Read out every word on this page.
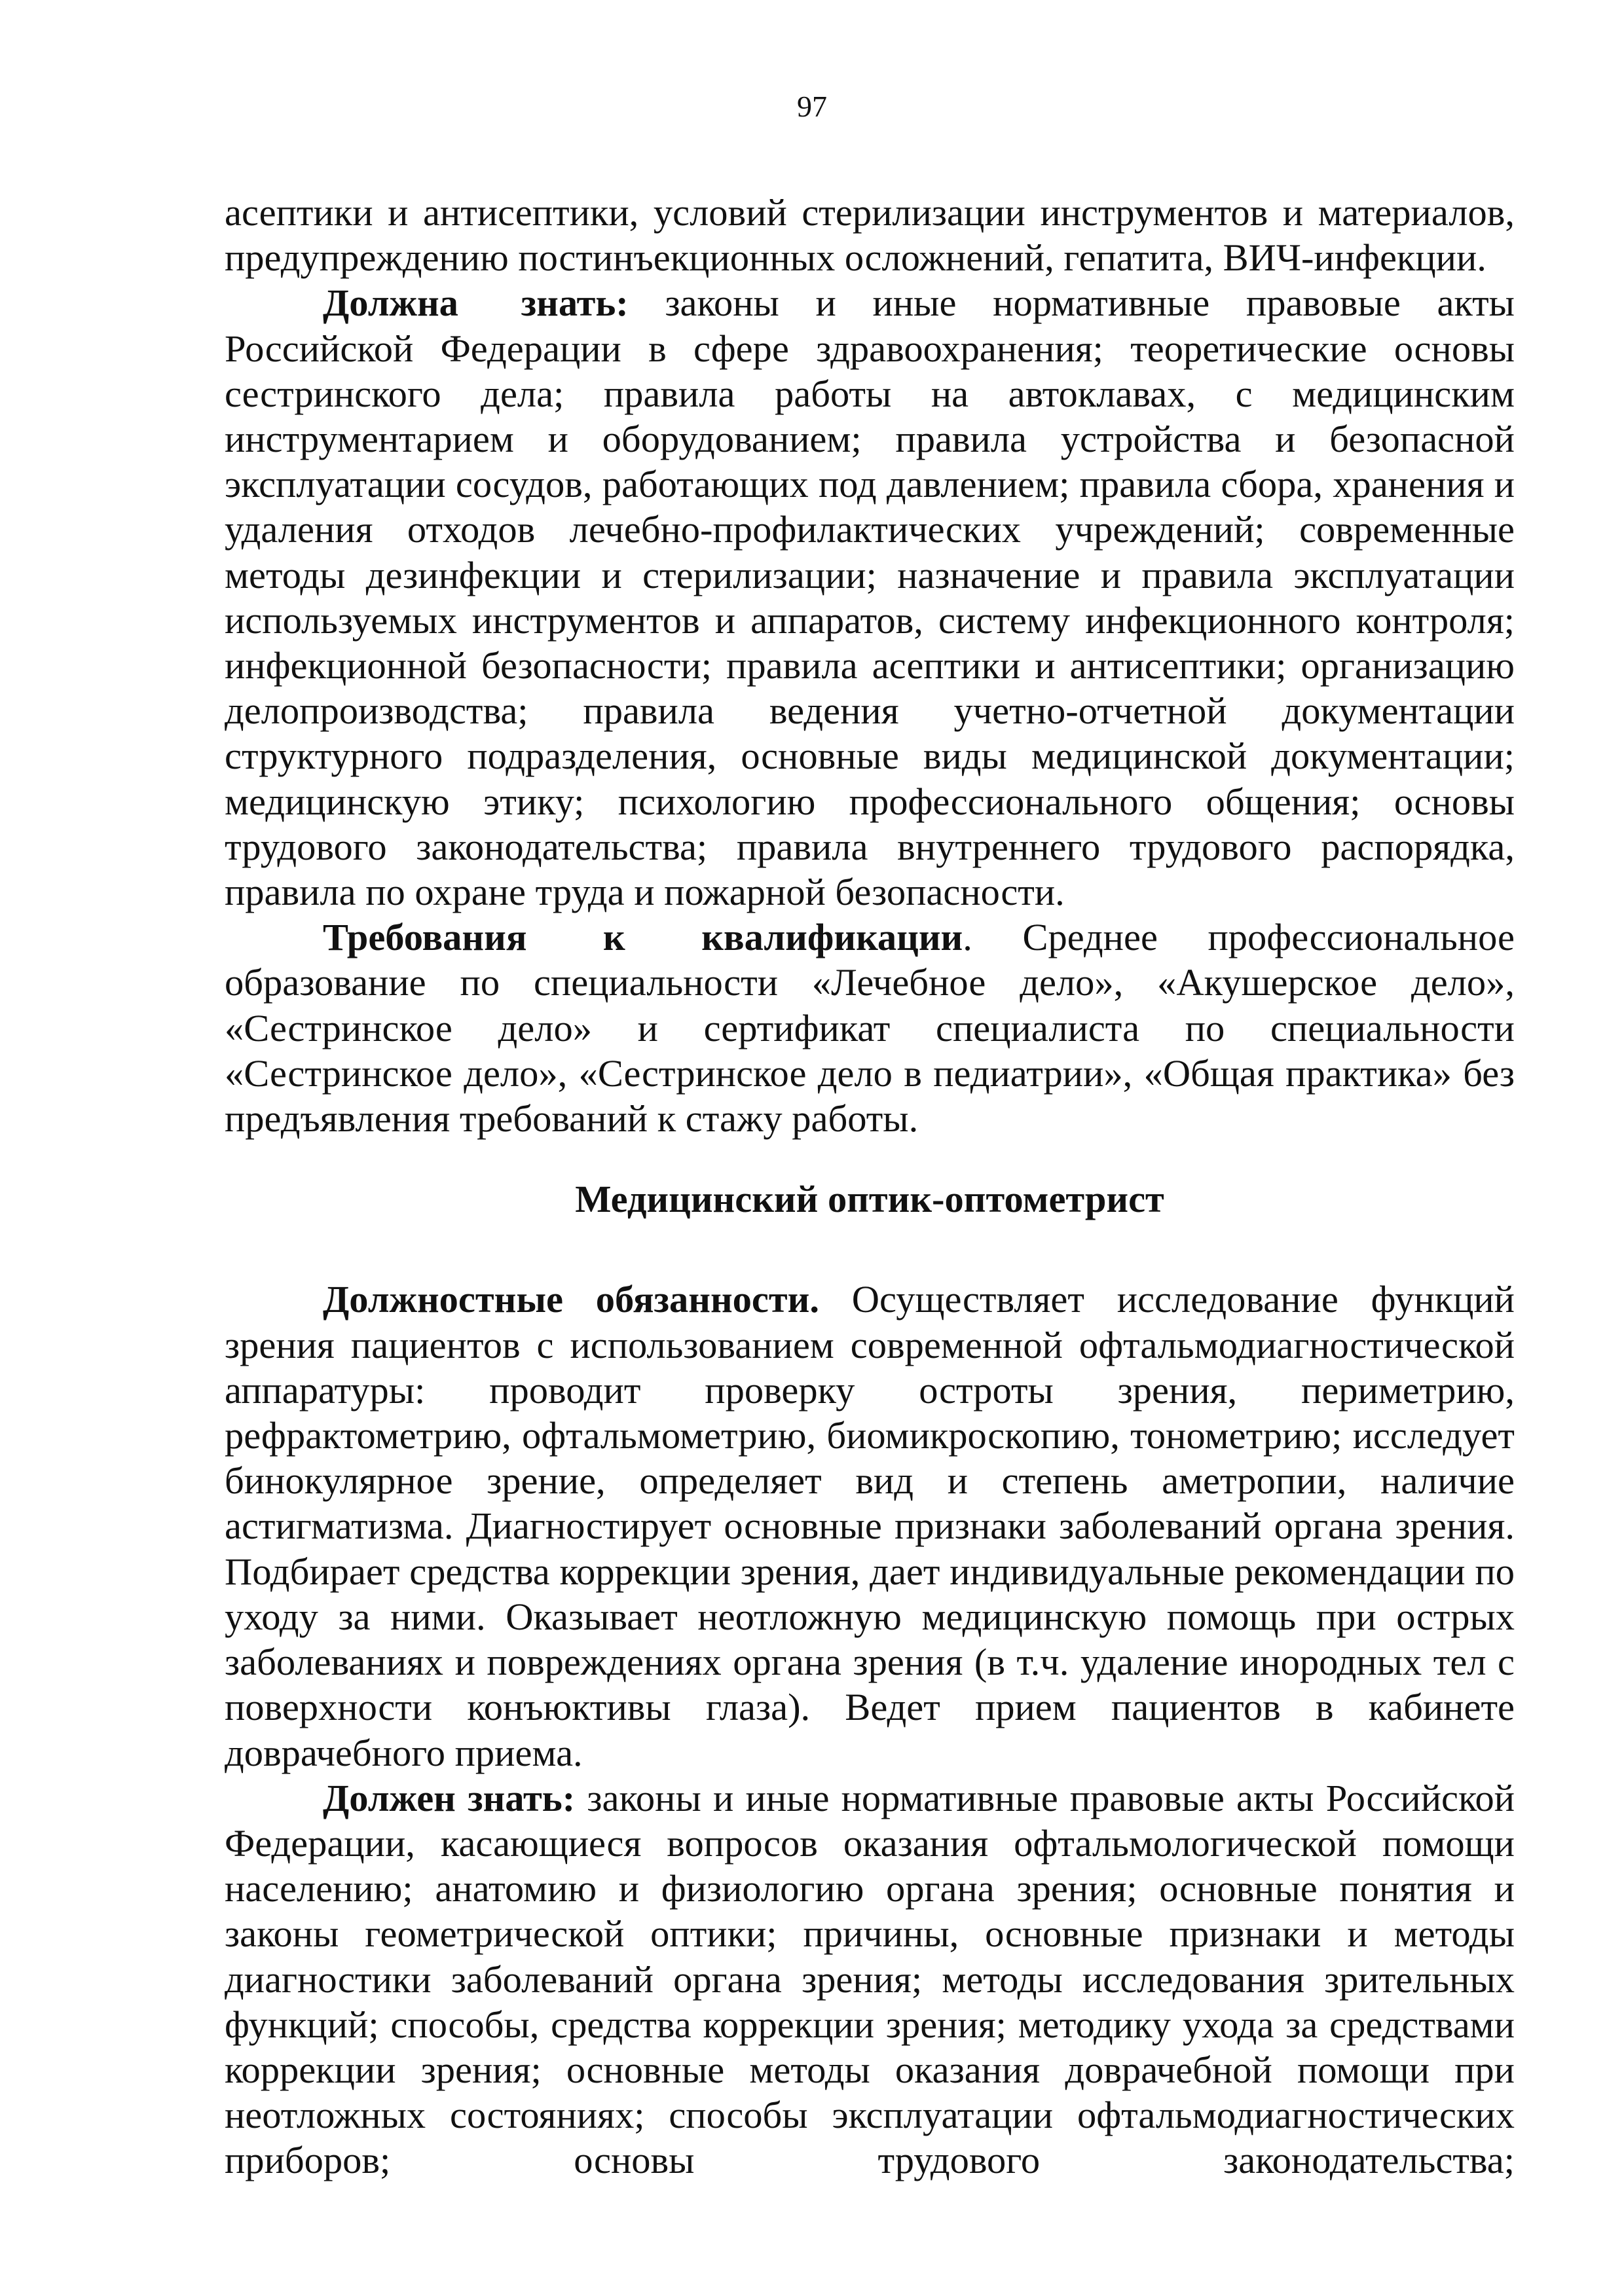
97

асептики и антисептики, условий стерилизации инструментов и материалов, предупреждению постинъекционных осложнений, гепатита, ВИЧ-инфекции.

Должна знать: законы и иные нормативные правовые акты Российской Федерации в сфере здравоохранения; теоретические основы сестринского дела; правила работы на автоклавах, с медицинским инструментарием и оборудованием; правила устройства и безопасной эксплуатации сосудов, работающих под давлением; правила сбора, хранения и удаления отходов лечебно-профилактических учреждений; современные методы дезинфекции и стерилизации; назначение и правила эксплуатации используемых инструментов и аппаратов, систему инфекционного контроля; инфекционной безопасности; правила асептики и антисептики; организацию делопроизводства; правила ведения учетно-отчетной документации структурного подразделения, основные виды медицинской документации; медицинскую этику; психологию профессионального общения; основы трудового законодательства; правила внутреннего трудового распорядка, правила по охране труда и пожарной безопасности.

Требования к квалификации. Среднее профессиональное образование по специальности «Лечебное дело», «Акушерское дело», «Сестринское дело» и сертификат специалиста по специальности «Сестринское дело», «Сестринское дело в педиатрии», «Общая практика» без предъявления требований к стажу работы.

Медицинский оптик-оптометрист

Должностные обязанности. Осуществляет исследование функций зрения пациентов с использованием современной офтальмодиагностической аппаратуры: проводит проверку остроты зрения, периметрию, рефрактометрию, офтальмометрию, биомикроскопию, тонометрию; исследует бинокулярное зрение, определяет вид и степень аметропии, наличие астигматизма. Диагностирует основные признаки заболеваний органа зрения. Подбирает средства коррекции зрения, дает индивидуальные рекомендации по уходу за ними. Оказывает неотложную медицинскую помощь при острых заболеваниях и повреждениях органа зрения (в т.ч. удаление инородных тел с поверхности конъюктивы глаза). Ведет прием пациентов в кабинете доврачебного приема.

Должен знать: законы и иные нормативные правовые акты Российской Федерации, касающиеся вопросов оказания офтальмологической помощи населению; анатомию и физиологию органа зрения; основные понятия и законы геометрической оптики; причины, основные признаки и методы диагностики заболеваний органа зрения; методы исследования зрительных функций; способы, средства коррекции зрения; методику ухода за средствами коррекции зрения; основные методы оказания доврачебной помощи при неотложных состояниях; способы эксплуатации офтальмодиагностических приборов; основы трудового законодательства;
